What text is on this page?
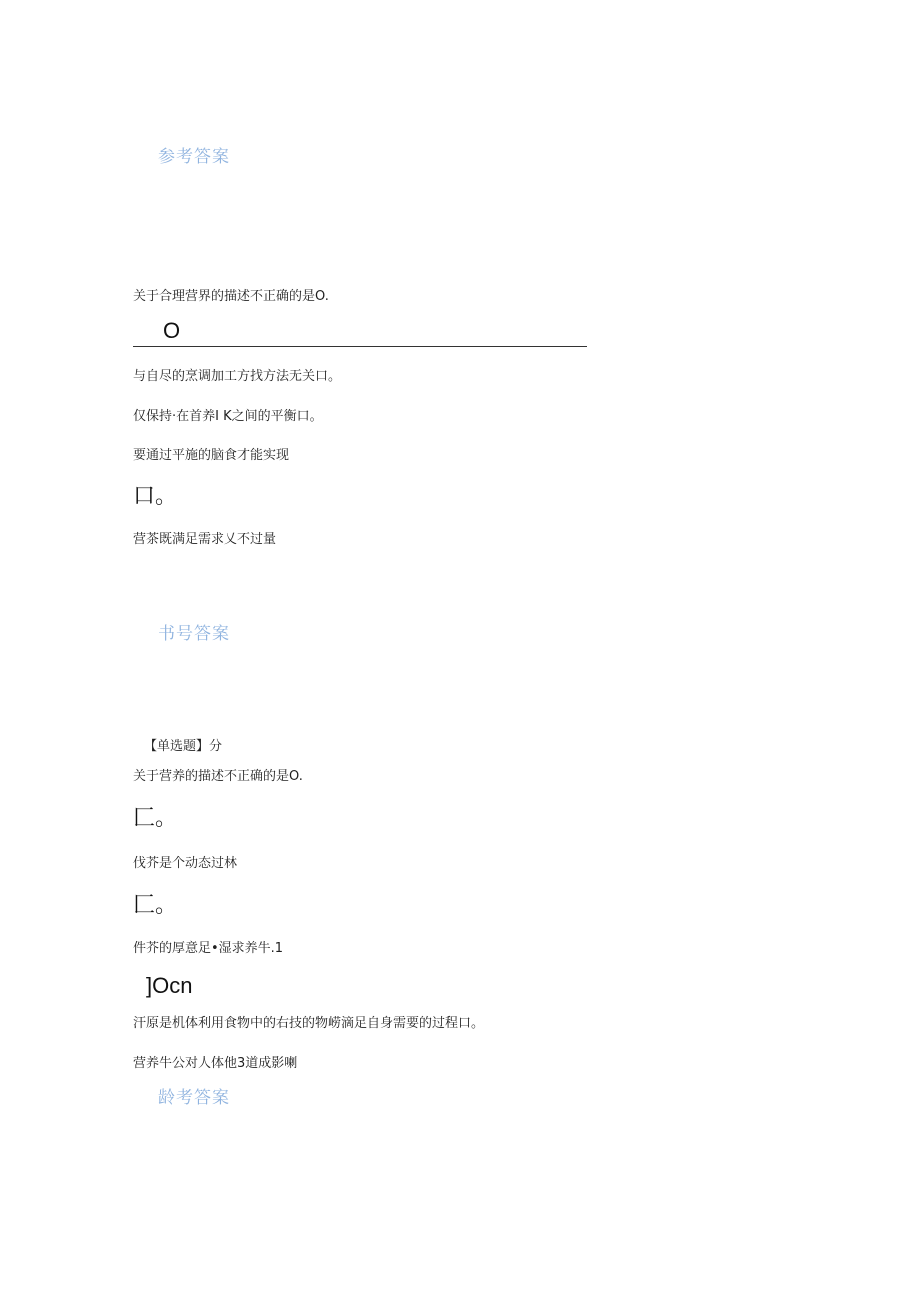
参考答案
关于合理营界的描述不正确的是O.
O
与自尽的烹调加工方找方法无关口。
仅保持·在首养I K之间的平衡口。
要通过平施的脑食才能实现
口。
营茶既满足需求乂不过量
书号答案
【单选题】分
关于营养的描述不正确的是O.
匚。
伐芥是个动态过林
匚。
件芥的厚意足•湿求养牛.1
]Ocn
汗原是机体利用食物中的右技的物崂滴足自身需要的过程口。
营养牛公对人体他3道成影喇
龄考答案
